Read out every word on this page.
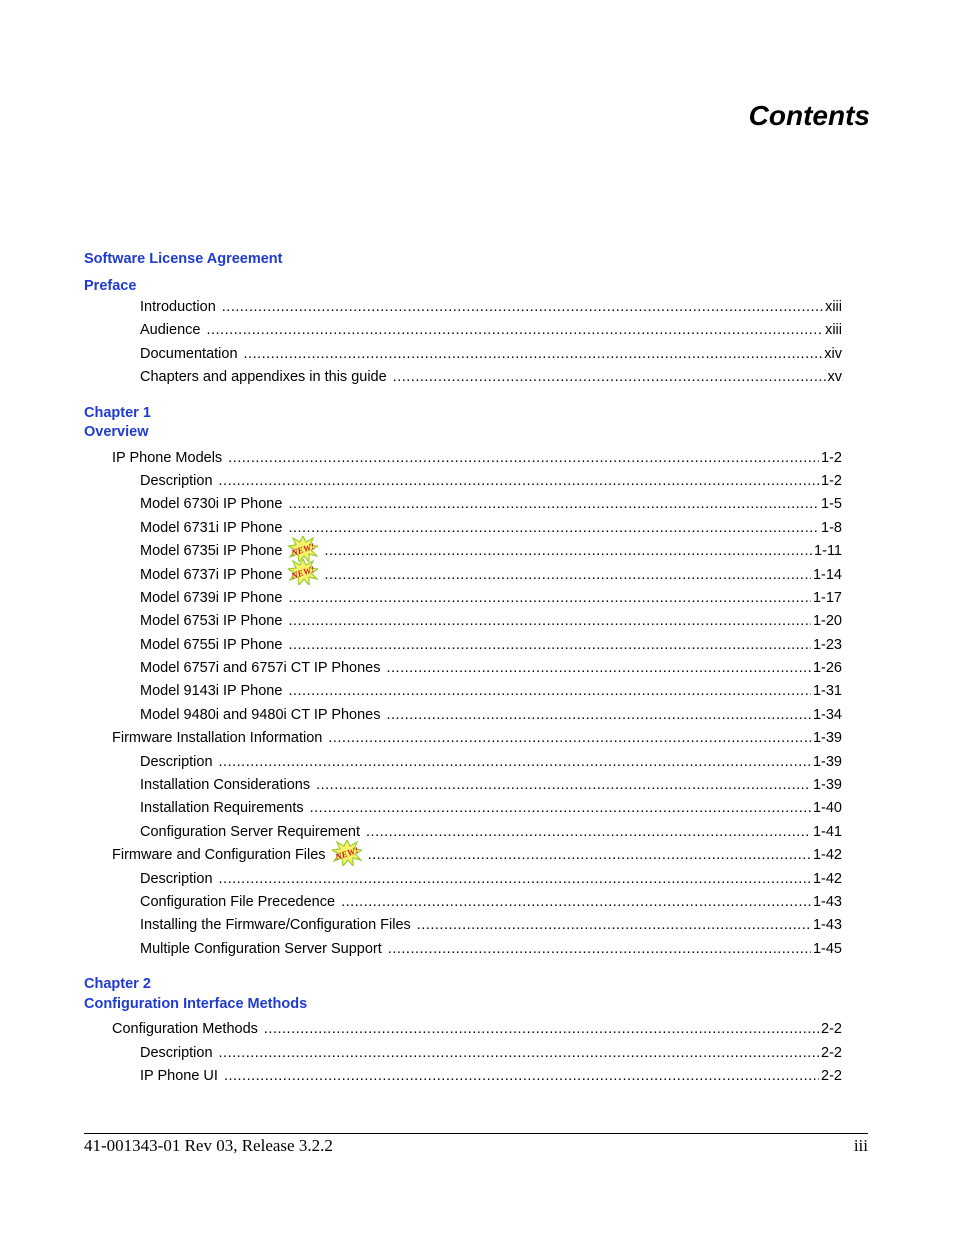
Contents
Software License Agreement
Preface
Introduction .....	xiii
Audience .....	xiii
Documentation .....	xiv
Chapters and appendixes in this guide .....	xv
Chapter 1
Overview
IP Phone Models .....	1-2
Description .....	1-2
Model 6730i IP Phone .....	1-5
Model 6731i IP Phone .....	1-8
Model 6735i IP Phone NEW! .....	1-11
Model 6737i IP Phone NEW! .....	1-14
Model 6739i IP Phone .....	1-17
Model 6753i IP Phone .....	1-20
Model 6755i IP Phone .....	1-23
Model 6757i and 6757i CT IP Phones .....	1-26
Model 9143i IP Phone .....	1-31
Model 9480i and 9480i CT IP Phones .....	1-34
Firmware Installation Information .....	1-39
Description .....	1-39
Installation Considerations .....	1-39
Installation Requirements .....	1-40
Configuration Server Requirement .....	1-41
Firmware and Configuration Files NEW! .....	1-42
Description .....	1-42
Configuration File Precedence .....	1-43
Installing the Firmware/Configuration Files .....	1-43
Multiple Configuration Server Support .....	1-45
Chapter 2
Configuration Interface Methods
Configuration Methods .....	2-2
Description .....	2-2
IP Phone UI .....	2-2
41-001343-01 Rev 03, Release 3.2.2	iii
